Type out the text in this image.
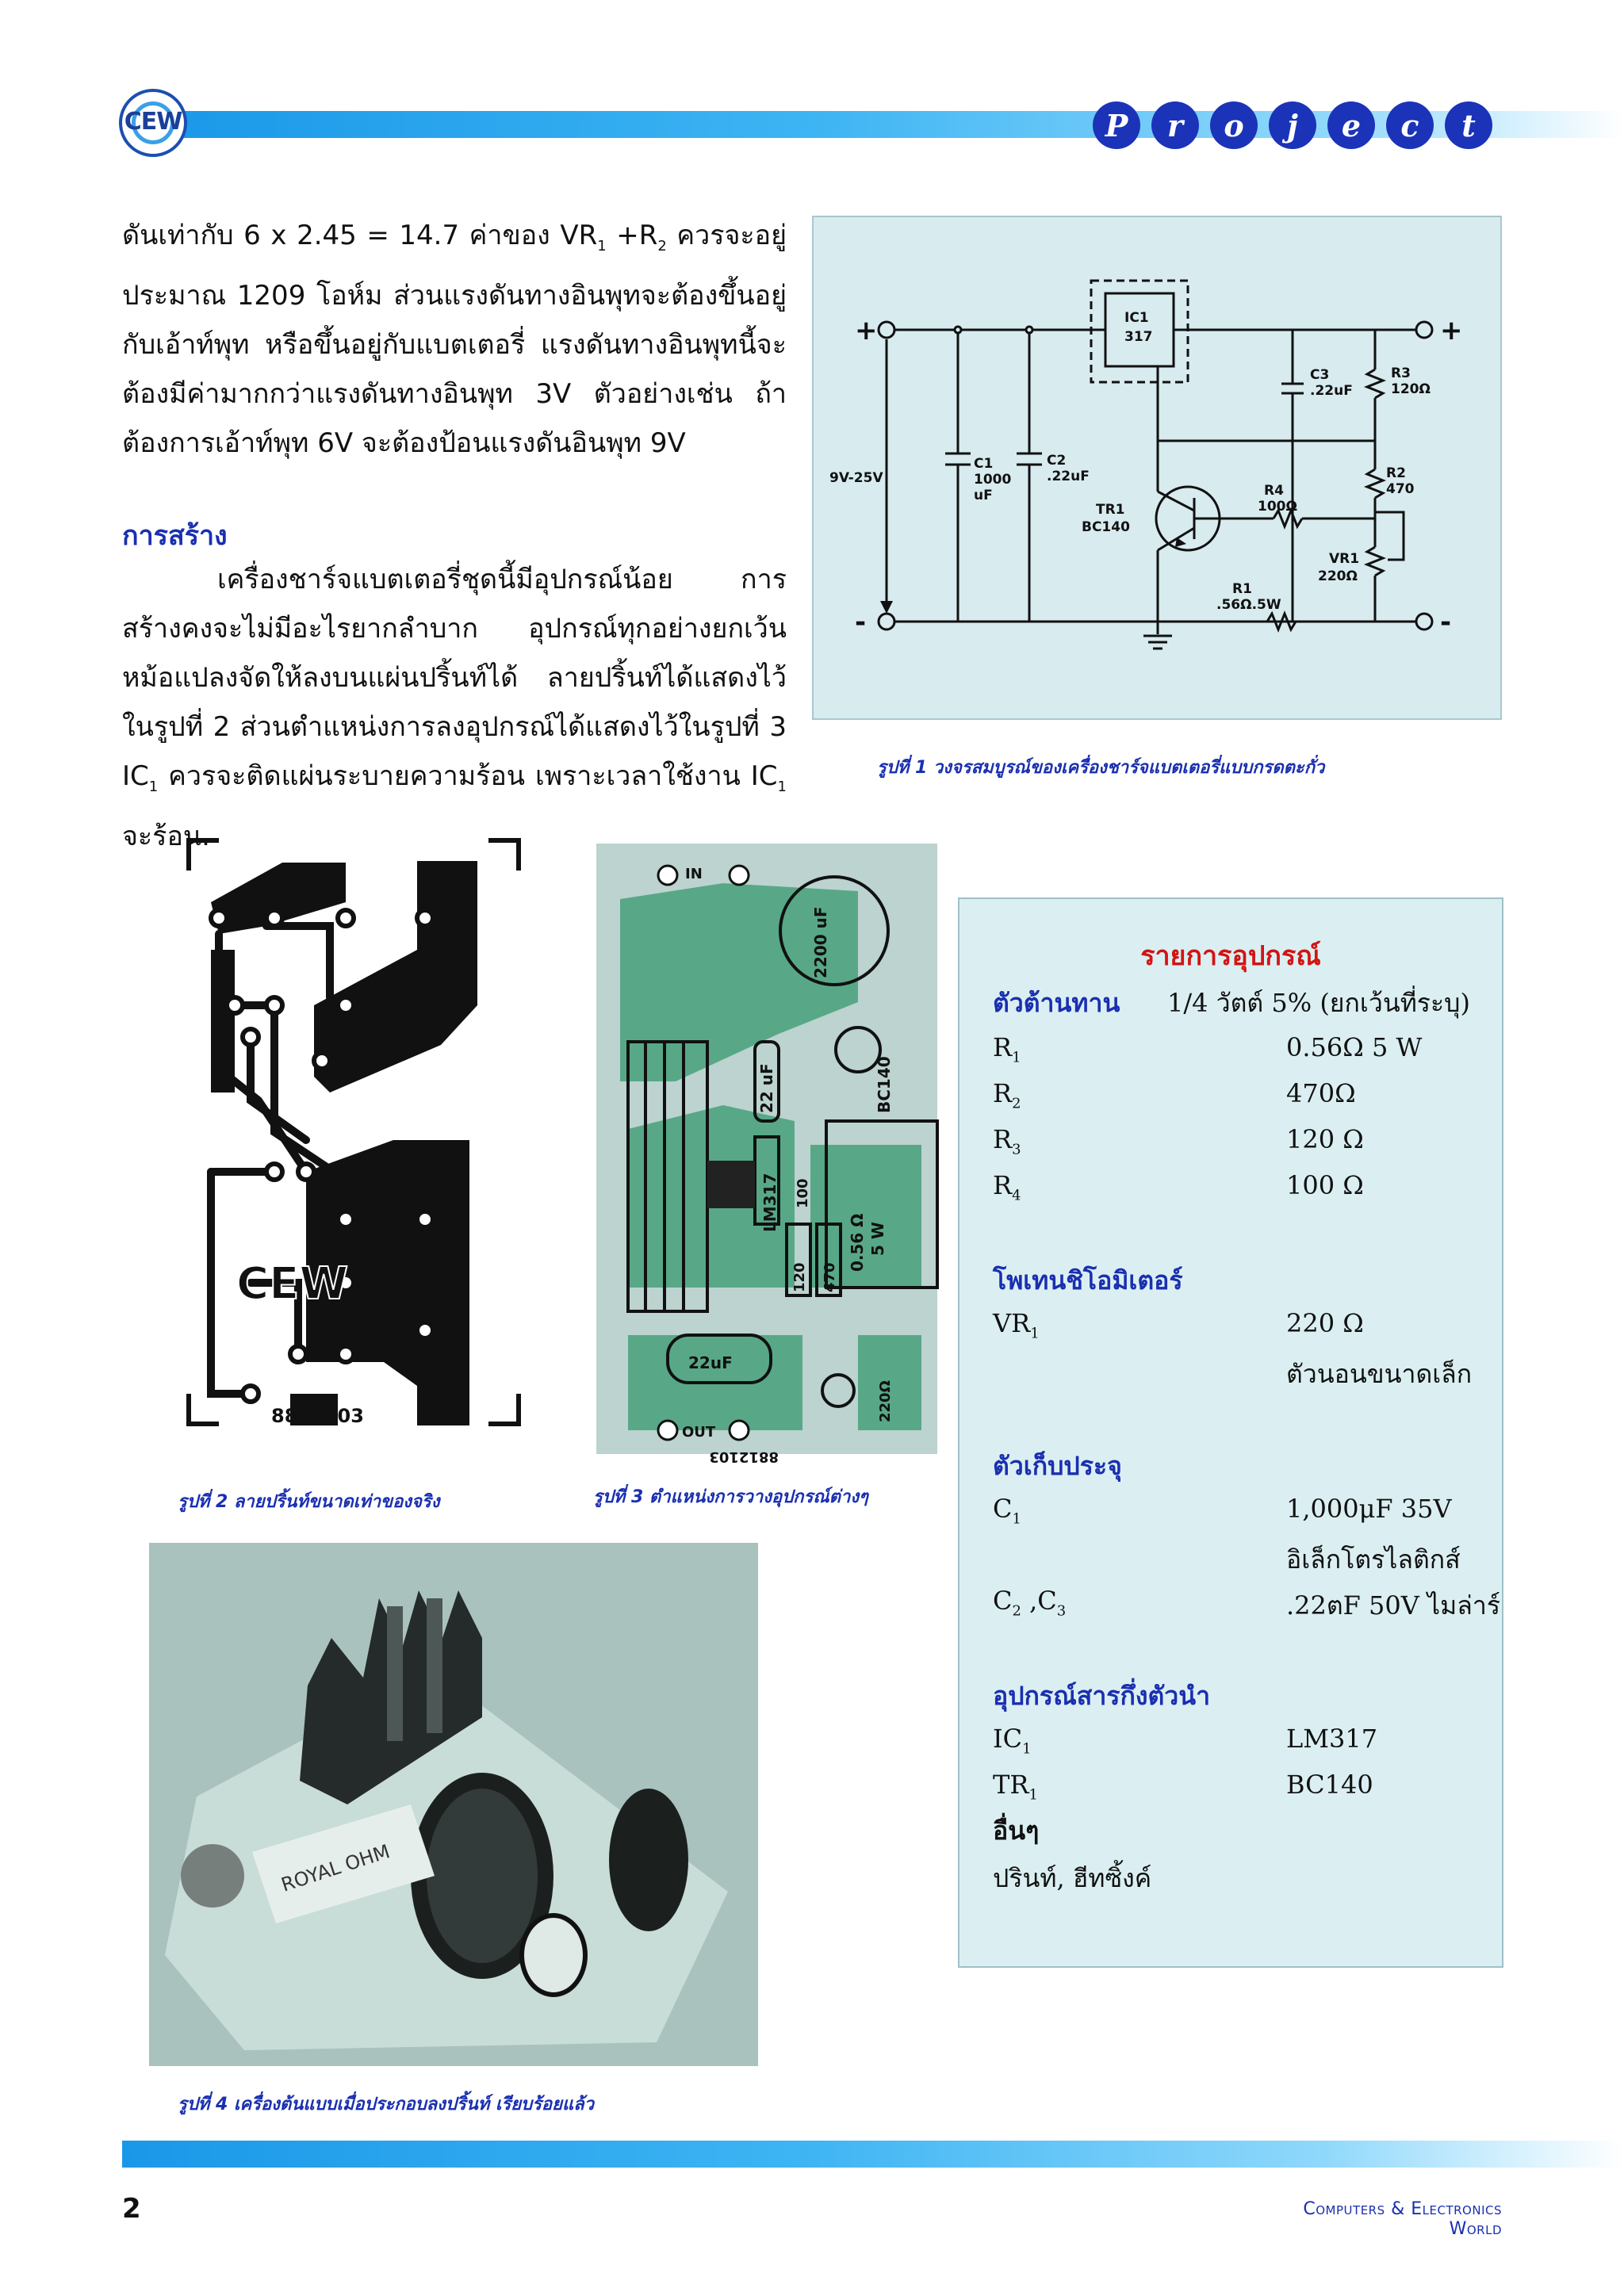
CEW	P	r	o	j	e	c	t

ดันเท่ากับ 6 x 2.45 = 14.7 ค่าของ $VR_1 +R_2$ ควรจะอยู่ประมาณ 1209 โอห์ม ส่วนแรงดันทางอินพุทจะต้องขึ้นอยู่กับเอ้าท์พุท หรือขึ้นอยู่กับแบตเตอรี่ แรงดันทางอินพุทนี้จะต้องมีค่ามากกว่าแรงดันทางอินพุท 3V ตัวอย่างเช่น ถ้าต้องการเอ้าท์พุท 6V จะต้องป้อนแรงดันอินพุท 9V

การสร้าง

เครื่องชาร์จแบตเตอรี่ชุดนี้มีอุปกรณ์น้อย การสร้างคงจะไม่มีอะไรยากลำบาก อุปกรณ์ทุกอย่างยกเว้นหม้อแปลงจัดให้ลงบนแผ่นปริ้นท์ได้ ลายปริ้นท์ได้แสดงไว้ในรูปที่ 2 ส่วนตำแหน่งการลงอุปกรณ์ได้แสดงไว้ในรูปที่ 3 $IC_1$ ควรจะติดแผ่นระบายความร้อน เพราะเวลาใช้งาน $IC_1$ จะร้อน.

+
-
+
-
IC1
317
9V-25V
C1
1000
uF
C2
.22uF
C3
.22uF
R3
120Ω
R2
470
R4
100Ω
VR1
220Ω
TR1
BC140
R1
.56Ω.5W
รูปที่ 1 วงจรสมบูรณ์ของเครื่องชาร์จแบตเตอรี่แบบกรดตะกั่ว
CEW
8812103
รูปที่ 2 ลายปริ้นท์ขนาดเท่าของจริง
IN
OUT
2200 uF
BC140
22 uF
LM317 100
0.56 Ω 5 W
120 470
22uF
220Ω
8812103
รูปที่ 3 ตำแหน่งการวางอุปกรณ์ต่างๆ
ROYAL OHM
รูปที่ 4 เครื่องต้นแบบเมื่อประกอบลงปริ้นท์ เรียบร้อยแล้ว
รายการอุปกรณ์
ตัวต้านทาน 1/4 วัตต์ 5% (ยกเว้นที่ระบุ)
$R_1$	0.56Ω 5 W
$R_2$	470Ω
$R_3$	120 Ω
$R_4$	100 Ω
โพเทนชิโอมิเตอร์
$VR_1$	220 Ω
ตัวนอนขนาดเล็ก
ตัวเก็บประจุ
$C_1$	1,000μF 35V
อิเล็กโตรไลติกส์
$C_2$ $,C_3$	.22ตF 50V ไมล่าร์
อุปกรณ์สารกึ่งตัวนำ
$IC_1$	LM317
$TR_1$	BC140
อื่นๆ
ปรินท์, ฮีทซิ้งค์
2	Computers & Electronics World
